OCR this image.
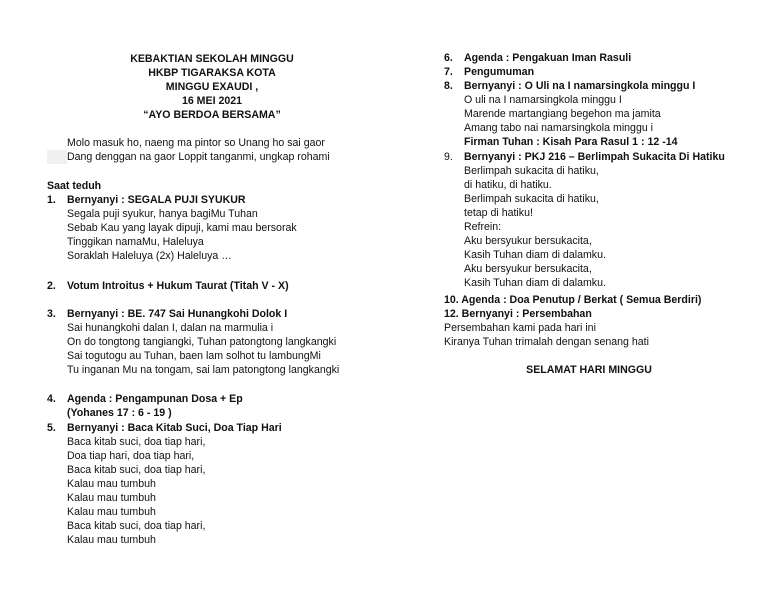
KEBAKTIAN SEKOLAH MINGGU
HKBP TIGARAKSA KOTA
MINGGU EXAUDI ,
16 MEI 2021
“AYO BERDOA BERSAMA”
Molo masuk ho, naeng ma pintor so Unang ho sai gaor
Dang denggan na gaor Loppit tanganmi, ungkap rohami
Saat teduh
1. Bernyanyi : SEGALA PUJI SYUKUR
Segala puji syukur, hanya bagiMu Tuhan
Sebab Kau yang layak dipuji, kami mau bersorak
Tinggikan namaMu, Haleluya
Soraklah Haleluya (2x) Haleluya …
2. Votum Introitus + Hukum Taurat (Titah V - X)
3. Bernyanyi : BE. 747 Sai Hunangkohi Dolok I
Sai hunangkohi dalan I, dalan na marmulia i
On do tongtong tangiangki, Tuhan patongtong langkangki
Sai togutogu au Tuhan, baen lam solhot tu lambungMi
Tu inganan Mu na tongam, sai lam patongtong langkangki
4. Agenda : Pengampunan Dosa + Ep
(Yohanes 17 : 6 - 19 )
5. Bernyanyi : Baca Kitab Suci, Doa Tiap Hari
Baca kitab suci, doa tiap hari,
Doa tiap hari, doa tiap hari,
Baca kitab suci, doa tiap hari,
Kalau mau tumbuh
Kalau mau tumbuh
Kalau mau tumbuh
Baca kitab suci, doa tiap hari,
Kalau mau tumbuh
6. Agenda : Pengakuan Iman Rasuli
7. Pengumuman
8. Bernyanyi : O Uli na I namarsingkola minggu I
O uli na I namarsingkola minggu I
Marende martangiang begehon ma jamita
Amang tabo nai namarsingkola minggu i
Firman Tuhan : Kisah Para Rasul 1 : 12 -14
9. Bernyanyi : PKJ 216 – Berlimpah Sukacita Di Hatiku
Berlimpah sukacita di hatiku,
di hatiku, di hatiku.
Berlimpah sukacita di hatiku,
tetap di hatiku!
Refrein:
Aku bersyukur bersukacita,
Kasih Tuhan diam di dalamku.
Aku bersyukur bersukacita,
Kasih Tuhan diam di dalamku.
10. Agenda : Doa Penutup / Berkat ( Semua Berdiri)
12. Bernyanyi : Persembahan
Persembahan kami pada hari ini
Kiranya Tuhan trimalah dengan senang hati
SELAMAT HARI MINGGU
